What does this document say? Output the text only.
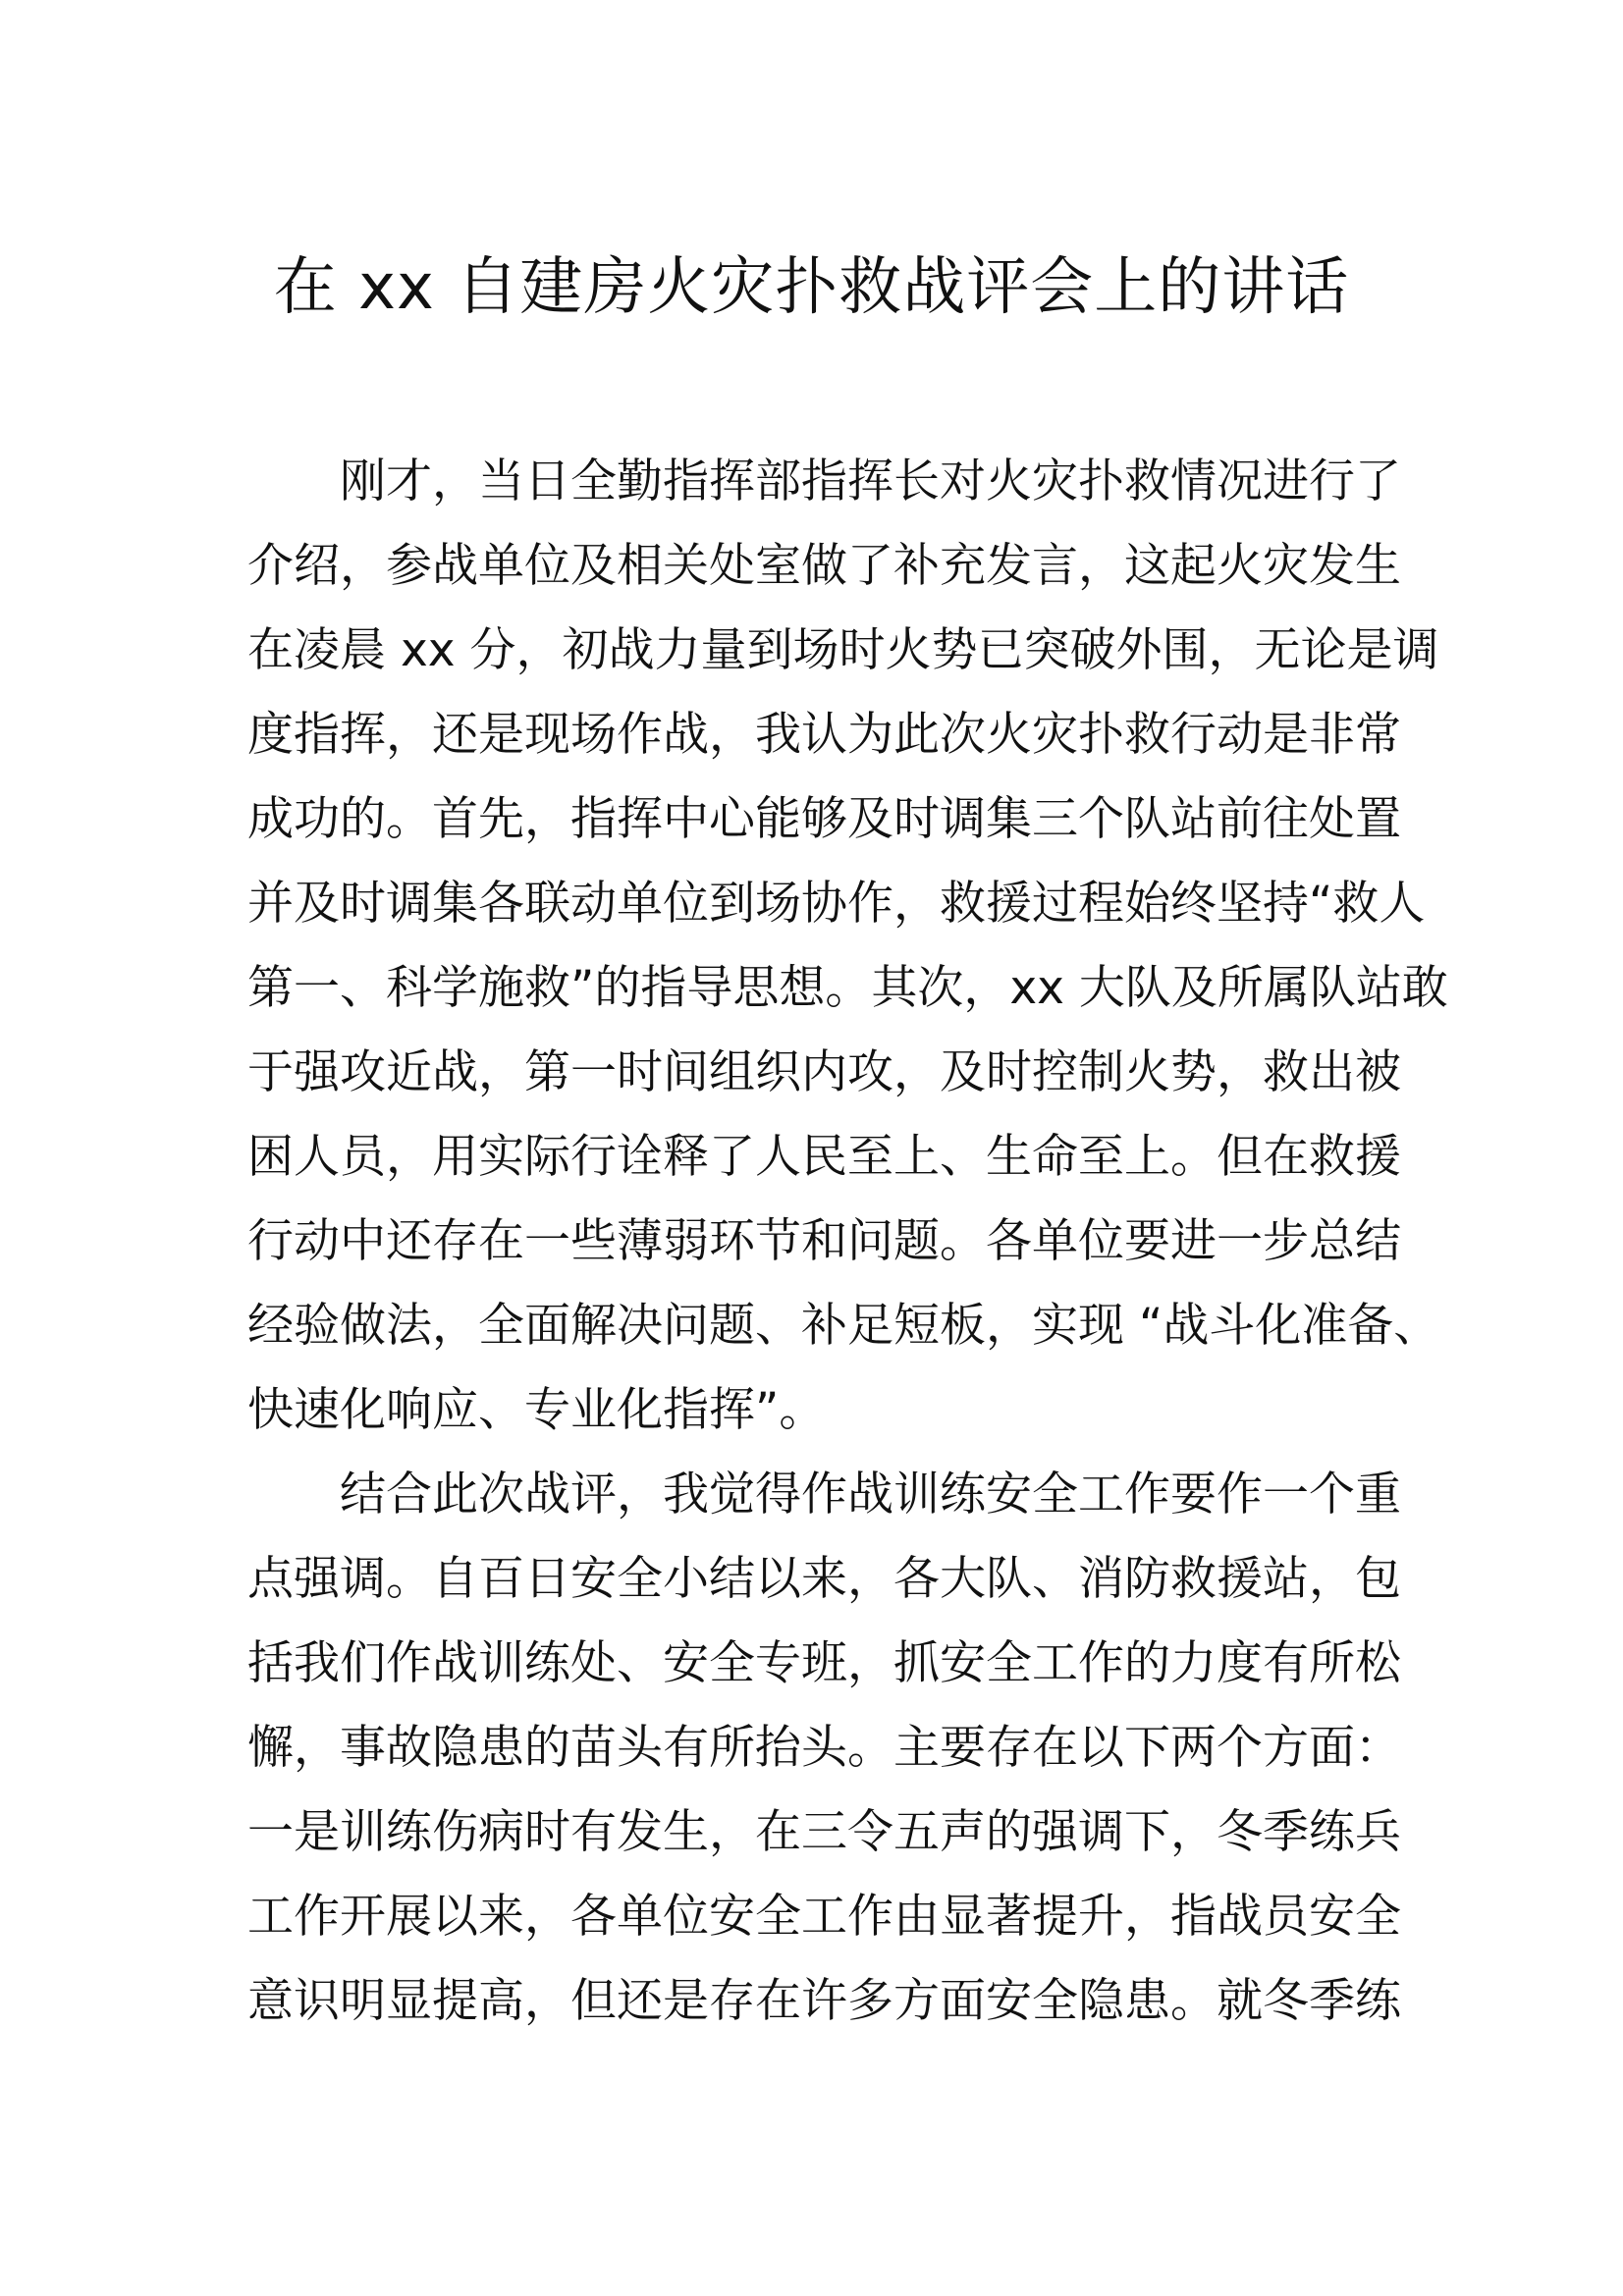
在 xx 自建房火灾扑救战评会上的讲话
刚才，当日全勤指挥部指挥长对火灾扑救情况进行了
介绍，参战单位及相关处室做了补充发言，这起火灾发生
在凌晨 xx 分，初战力量到场时火势已突破外围，无论是调
度指挥，还是现场作战，我认为此次火灾扑救行动是非常
成功的。首先，指挥中心能够及时调集三个队站前往处置
并及时调集各联动单位到场协作，救援过程始终坚持“救人
第一、科学施救”的指导思想。其次，xx 大队及所属队站敢
于强攻近战，第一时间组织内攻，及时控制火势，救出被
困人员，用实际行诠释了人民至上、生命至上。但在救援
行动中还存在一些薄弱环节和问题。各单位要进一步总结
经验做法，全面解决问题、补足短板，实现 “战斗化准备、
快速化响应、专业化指挥”。
结合此次战评，我觉得作战训练安全工作要作一个重
点强调。自百日安全小结以来，各大队、消防救援站，包
括我们作战训练处、安全专班，抓安全工作的力度有所松
懈，事故隐患的苗头有所抬头。主要存在以下两个方面：
一是训练伤病时有发生，在三令五声的强调下，冬季练兵
工作开展以来，各单位安全工作由显著提升，指战员安全
意识明显提高，但还是存在许多方面安全隐患。就冬季练
